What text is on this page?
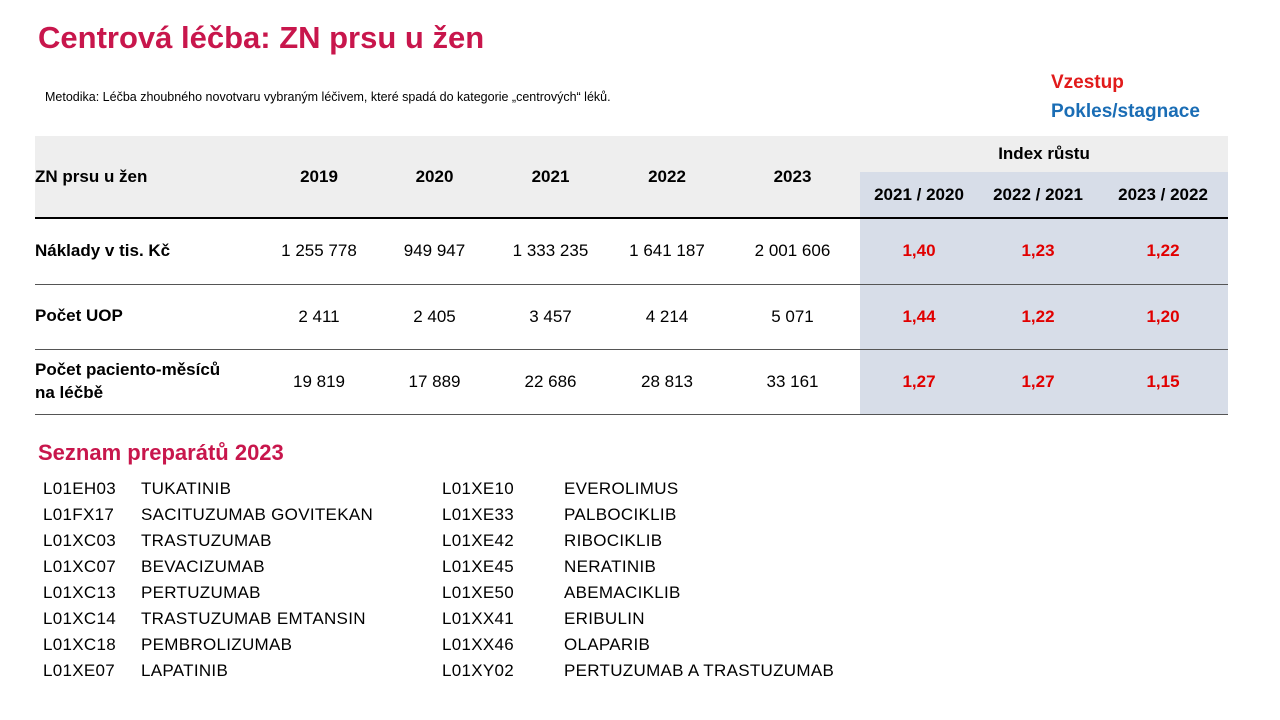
Centrová léčba: ZN prsu u žen
Metodika: Léčba zhoubného novotvaru vybraným léčivem, které spadá do kategorie „centrových“ léků.
Vzestup
Pokles/stagnace
ZN prsu u žen	2019	2020	2021	2022	2023	Index růstu		
						2021 / 2020	2022 / 2021	2023 / 2022
Náklady v tis. Kč	1 255 778	949 947	1 333 235	1 641 187	2 001 606	1,40	1,23	1,22
Počet UOP	2 411	2 405	3 457	4 214	5 071	1,44	1,22	1,20
Počet paciento-měsíců
na léčbě	19 819	17 889	22 686	28 813	33 161	1,27	1,27	1,15
Seznam preparátů 2023
L01EH03 TUKATINIB
L01FX17 SACITUZUMAB GOVITEKAN
L01XC03 TRASTUZUMAB
L01XC07 BEVACIZUMAB
L01XC13 PERTUZUMAB
L01XC14 TRASTUZUMAB EMTANSIN
L01XC18 PEMBROLIZUMAB
L01XE07 LAPATINIB
L01XE10	EVEROLIMUS
L01XE33	PALBOCIKLIB
L01XE42	RIBOCIKLIB
L01XE45	NERATINIB
L01XE50	ABEMACIKLIB
L01XX41	ERIBULIN
L01XX46	OLAPARIB
L01XY02	PERTUZUMAB A TRASTUZUMAB
